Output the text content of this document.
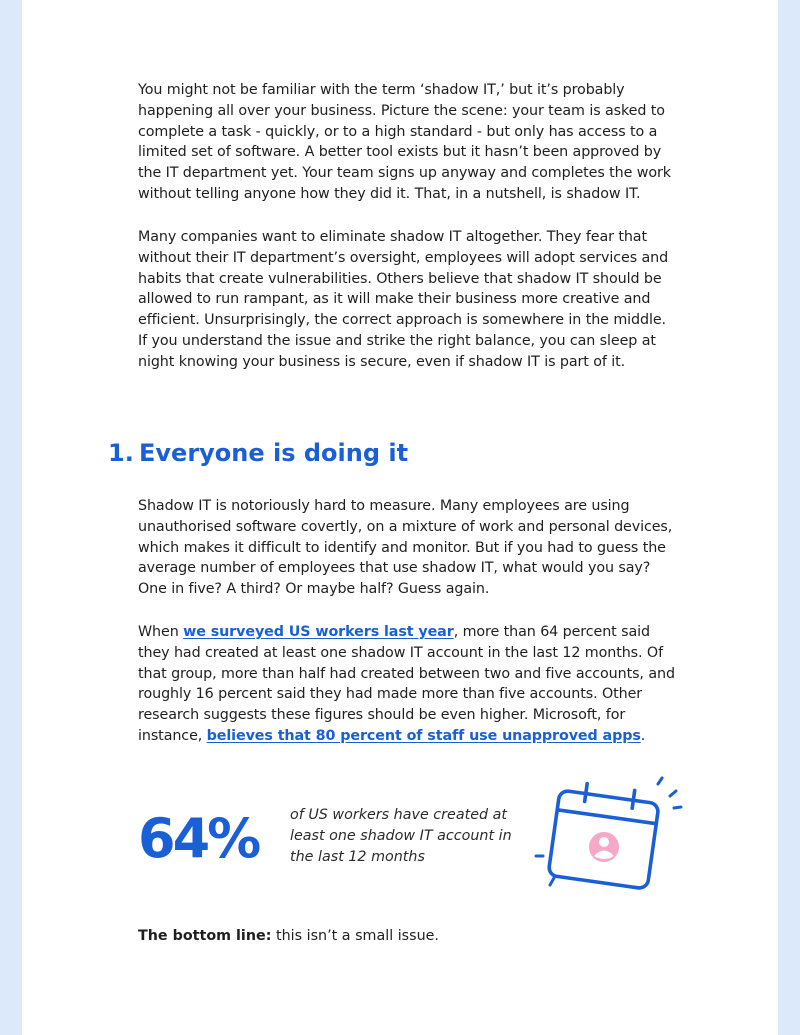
You might not be familiar with the term ‘shadow IT,’ but it’s probably happening all over your business. Picture the scene: your team is asked to complete a task - quickly, or to a high standard - but only has access to a limited set of software. A better tool exists but it hasn’t been approved by the IT department yet. Your team signs up anyway and completes the work without telling anyone how they did it. That, in a nutshell, is shadow IT.

Many companies want to eliminate shadow IT altogether. They fear that without their IT department’s oversight, employees will adopt services and habits that create vulnerabilities. Others believe that shadow IT should be allowed to run rampant, as it will make their business more creative and efficient. Unsurprisingly, the correct approach is somewhere in the middle. If you understand the issue and strike the right balance, you can sleep at night knowing your business is secure, even if shadow IT is part of it.

1. Everyone is doing it

Shadow IT is notoriously hard to measure. Many employees are using unauthorised software covertly, on a mixture of work and personal devices, which makes it difficult to identify and monitor. But if you had to guess the average number of employees that use shadow IT, what would you say? One in five? A third? Or maybe half? Guess again.

When we surveyed US workers last year, more than 64 percent said they had created at least one shadow IT account in the last 12 months. Of that group, more than half had created between two and five accounts, and roughly 16 percent said they had made more than five accounts. Other research suggests these figures should be even higher. Microsoft, for instance, believes that 80 percent of staff use unapproved apps.

64% of US workers have created at least one shadow IT account in the last 12 months

The bottom line: this isn’t a small issue.
